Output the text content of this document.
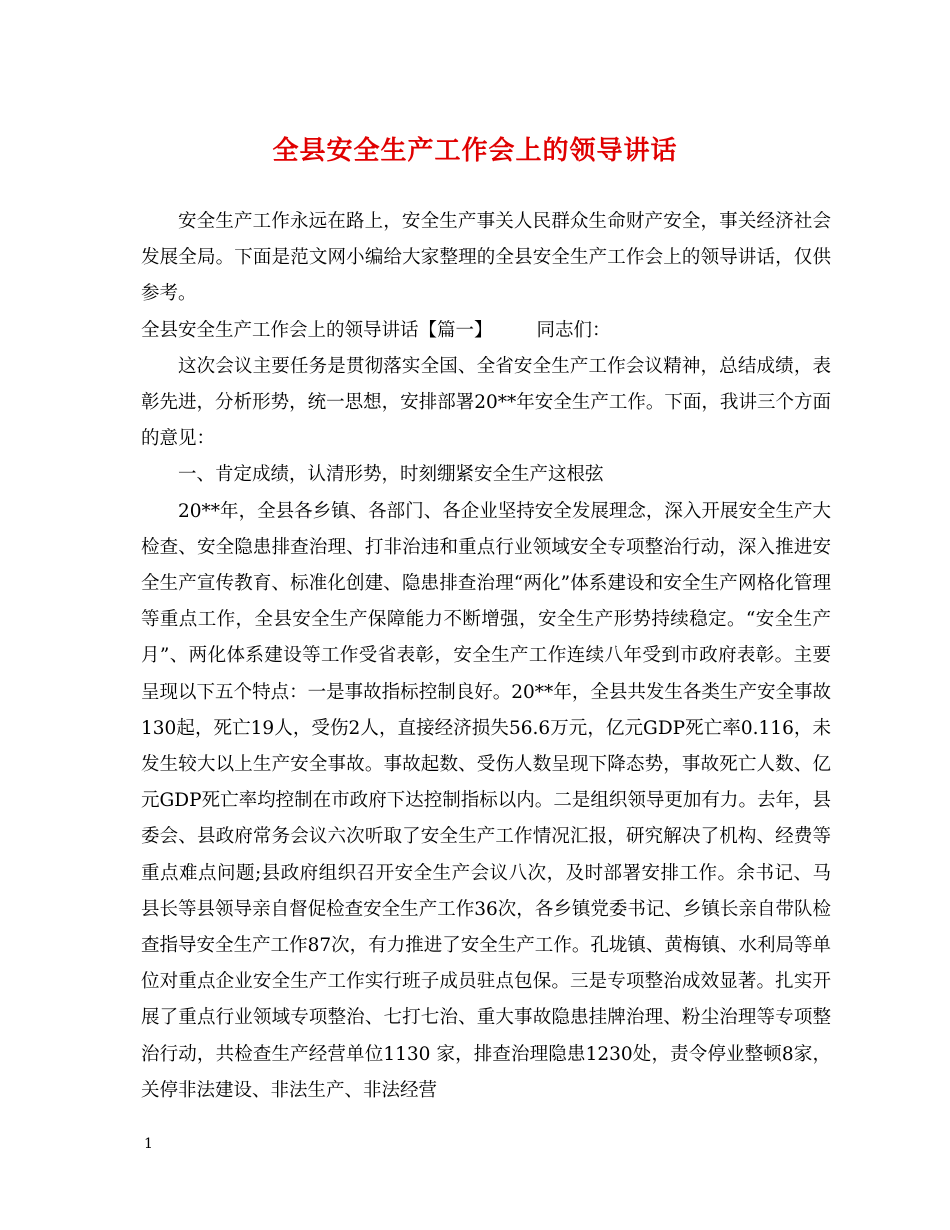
全县安全生产工作会上的领导讲话

安全生产工作永远在路上，安全生产事关人民群众生命财产安全，事关经济社会发展全局。下面是范文网小编给大家整理的全县安全生产工作会上的领导讲话，仅供参考。

全县安全生产工作会上的领导讲话【篇一】 同志们：

这次会议主要任务是贯彻落实全国、全省安全生产工作会议精神，总结成绩，表彰先进，分析形势，统一思想，安排部署20**年安全生产工作。下面，我讲三个方面的意见：

一、肯定成绩，认清形势，时刻绷紧安全生产这根弦

20**年，全县各乡镇、各部门、各企业坚持安全发展理念，深入开展安全生产大检查、安全隐患排查治理、打非治违和重点行业领域安全专项整治行动，深入推进安全生产宣传教育、标准化创建、隐患排查治理“两化”体系建设和安全生产网格化管理等重点工作，全县安全生产保障能力不断增强，安全生产形势持续稳定。“安全生产月”、两化体系建设等工作受省表彰，安全生产工作连续八年受到市政府表彰。主要呈现以下五个特点：一是事故指标控制良好。20**年，全县共发生各类生产安全事故130起，死亡19人，受伤2人，直接经济损失56.6万元，亿元GDP死亡率0.116，未发生较大以上生产安全事故。事故起数、受伤人数呈现下降态势，事故死亡人数、亿元GDP死亡率均控制在市政府下达控制指标以内。二是组织领导更加有力。去年，县委会、县政府常务会议六次听取了安全生产工作情况汇报，研究解决了机构、经费等重点难点问题;县政府组织召开安全生产会议八次，及时部署安排工作。余书记、马县长等县领导亲自督促检查安全生产工作36次，各乡镇党委书记、乡镇长亲自带队检查指导安全生产工作87次，有力推进了安全生产工作。孔垅镇、黄梅镇、水利局等单位对重点企业安全生产工作实行班子成员驻点包保。三是专项整治成效显著。扎实开展了重点行业领域专项整治、七打七治、重大事故隐患挂牌治理、粉尘治理等专项整治行动，共检查生产经营单位1130 家，排查治理隐患1230处，责令停业整顿8家，关停非法建设、非法生产、非法经营

1
